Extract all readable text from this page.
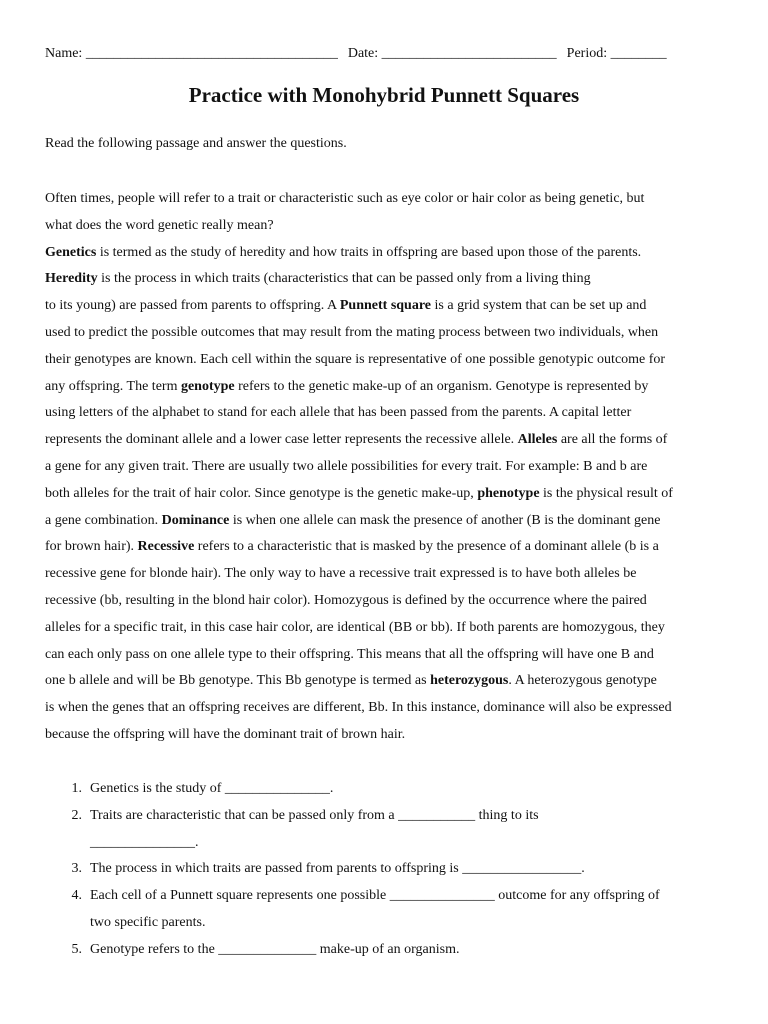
Name: ____________________________________ Date: _________________________ Period: ________
Practice with Monohybrid Punnett Squares
Read the following passage and answer the questions.
Often times, people will refer to a trait or characteristic such as eye color or hair color as being genetic, but
what does the word genetic really mean?
Genetics is termed as the study of heredity and how traits in offspring are based upon those of the parents.
Heredity is the process in which traits (characteristics that can be passed only from a living thing
to its young) are passed from parents to offspring. A Punnett square is a grid system that can be set up and
used to predict the possible outcomes that may result from the mating process between two individuals, when
their genotypes are known. Each cell within the square is representative of one possible genotypic outcome for
any offspring. The term genotype refers to the genetic make-up of an organism. Genotype is represented by
using letters of the alphabet to stand for each allele that has been passed from the parents. A capital letter
represents the dominant allele and a lower case letter represents the recessive allele. Alleles are all the forms of
a gene for any given trait. There are usually two allele possibilities for every trait. For example: B and b are
both alleles for the trait of hair color. Since genotype is the genetic make-up, phenotype is the physical result of
a gene combination. Dominance is when one allele can mask the presence of another (B is the dominant gene
for brown hair). Recessive refers to a characteristic that is masked by the presence of a dominant allele (b is a
recessive gene for blonde hair). The only way to have a recessive trait expressed is to have both alleles be
recessive (bb, resulting in the blond hair color). Homozygous is defined by the occurrence where the paired
alleles for a specific trait, in this case hair color, are identical (BB or bb). If both parents are homozygous, they
can each only pass on one allele type to their offspring. This means that all the offspring will have one B and
one b allele and will be Bb genotype. This Bb genotype is termed as heterozygous. A heterozygous genotype
is when the genes that an offspring receives are different, Bb. In this instance, dominance will also be expressed
because the offspring will have the dominant trait of brown hair.
1. Genetics is the study of _______________.
2. Traits are characteristic that can be passed only from a ___________ thing to its
_______________.
3. The process in which traits are passed from parents to offspring is _________________.
4. Each cell of a Punnett square represents one possible _______________ outcome for any offspring of
two specific parents.
5. Genotype refers to the ______________ make-up of an organism.
